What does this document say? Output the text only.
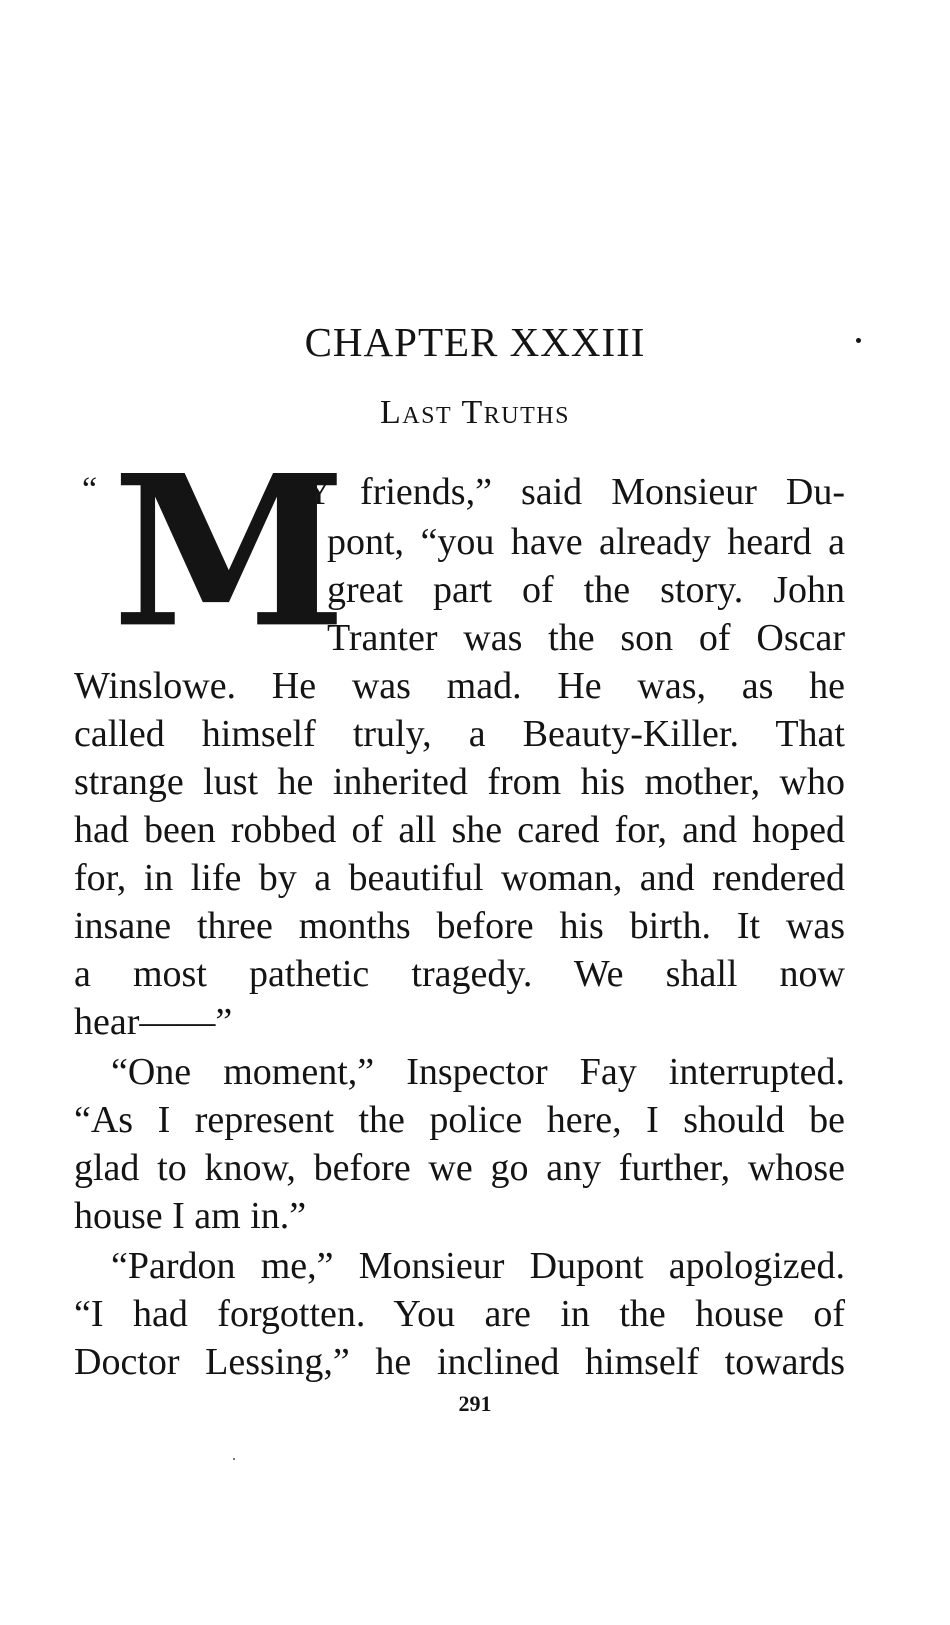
CHAPTER XXXIII
Last Truths
“ M
Y friends,” said Monsieur Du-
pont, “you have already heard a
great part of the story. John
Tranter was the son of Oscar
Winslowe. He was mad. He was, as he
called himself truly, a Beauty-Killer. That
strange lust he inherited from his mother, who
had been robbed of all she cared for, and hoped
for, in life by a beautiful woman, and rendered
insane three months before his birth. It was
a most pathetic tragedy. We shall now
hear——”
“One moment,” Inspector Fay interrupted.
“As I represent the police here, I should be
glad to know, before we go any further, whose
house I am in.”
“Pardon me,” Monsieur Dupont apologized.
“I had forgotten. You are in the house of
Doctor Lessing,” he inclined himself towards
291
